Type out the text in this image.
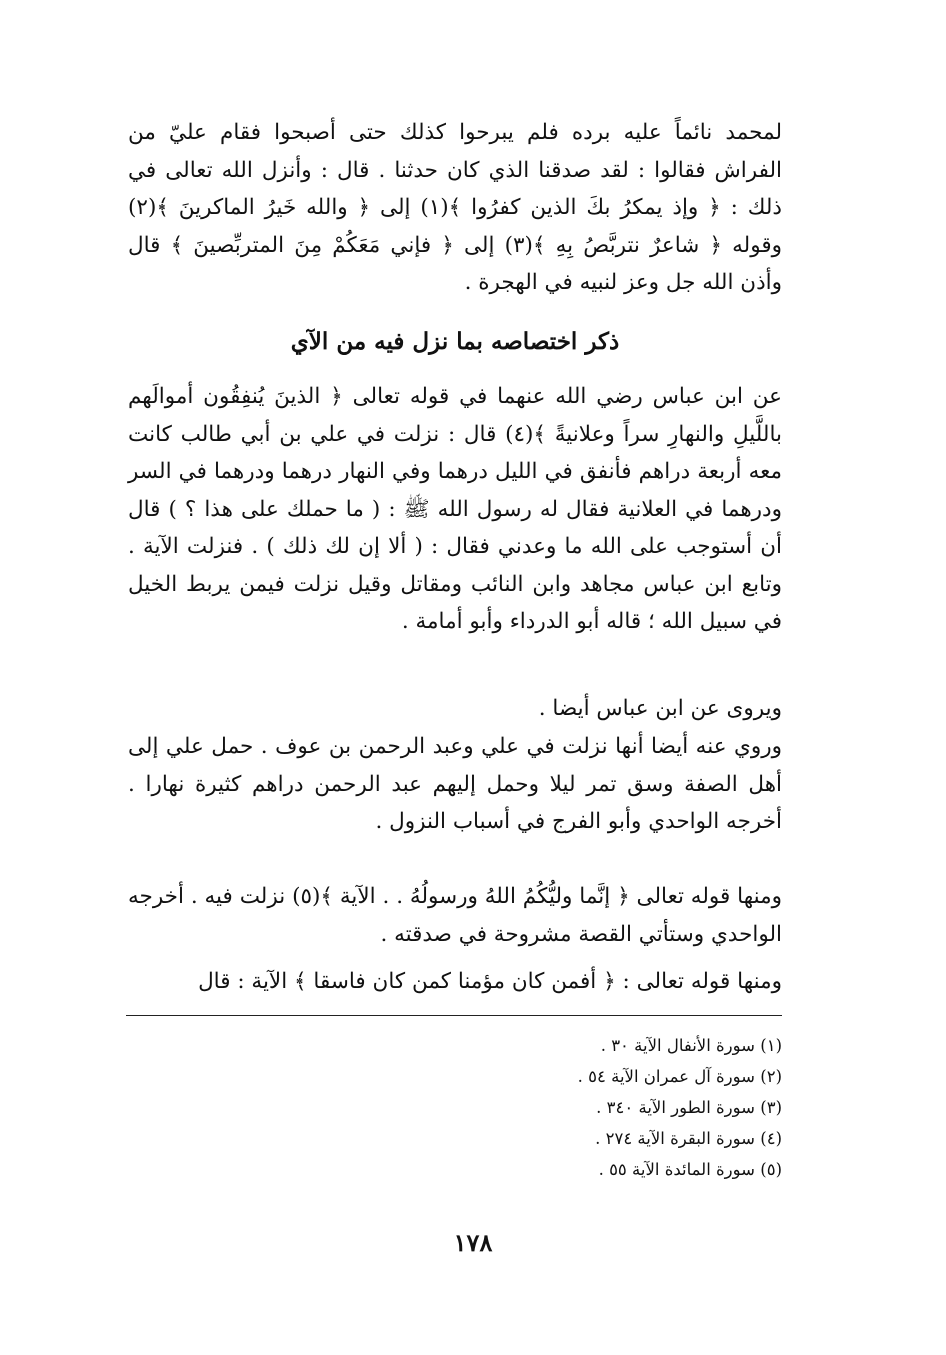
لمحمد نائماً عليه برده فلم يبرحوا كذلك حتى أصبحوا فقام عليّ من الفراش فقالوا : لقد صدقنا الذي كان حدثنا . قال : وأنزل الله تعالى في ذلك : ﴿ وإذ يمكرُ بكَ الذين كفرُوا ﴾(١) إلى ﴿ والله خَيرُ الماكرينَ ﴾(٢) وقوله ﴿ شاعرٌ نتربَّصُ بِهِ ﴾(٣) إلى ﴿ فإني مَعَكُمْ مِنَ المتربِّصينَ ﴾ قال وأذن الله جل وعز لنبيه في الهجرة .

ذكر اختصاصه بما نزل فيه من الآي

عن ابن عباس رضي الله عنهما في قوله تعالى ﴿ الذينَ يُنفِقُون أموالَهم باللَّيلِ والنهارِ سراً وعلانيةً ﴾(٤) قال : نزلت في علي بن أبي طالب كانت معه أربعة دراهم فأنفق في الليل درهما وفي النهار درهما ودرهما في السر ودرهما في العلانية فقال له رسول الله ﷺ : ( ما حملك على هذا ؟ ) قال أن أستوجب على الله ما وعدني فقال : ( ألا إن لك ذلك ) . فنزلت الآية . وتابع ابن عباس مجاهد وابن النائب ومقاتل وقيل نزلت فيمن يربط الخيل في سبيل الله ؛ قاله أبو الدرداء وأبو أمامة .

ويروى عن ابن عباس أيضا .

وروي عنه أيضا أنها نزلت في علي وعبد الرحمن بن عوف . حمل علي إلى أهل الصفة وسق تمر ليلا وحمل إليهم عبد الرحمن دراهم كثيرة نهارا . أخرجه الواحدي وأبو الفرج في أسباب النزول .

ومنها قوله تعالى ﴿ إنَّما وليُّكُمُ اللهُ ورسولُهُ . . الآية ﴾(٥) نزلت فيه . أخرجه الواحدي وستأتي القصة مشروحة في صدقته .

ومنها قوله تعالى : ﴿ أفمن كان مؤمنا كمن كان فاسقا ﴾ الآية : قال

(١) سورة الأنفال الآية ٣٠ .
(٢) سورة آل عمران الآية ٥٤ .
(٣) سورة الطور الآية ٣٤٠ .
(٤) سورة البقرة الآية ٢٧٤ .
(٥) سورة المائدة الآية ٥٥ .
١٧٨
